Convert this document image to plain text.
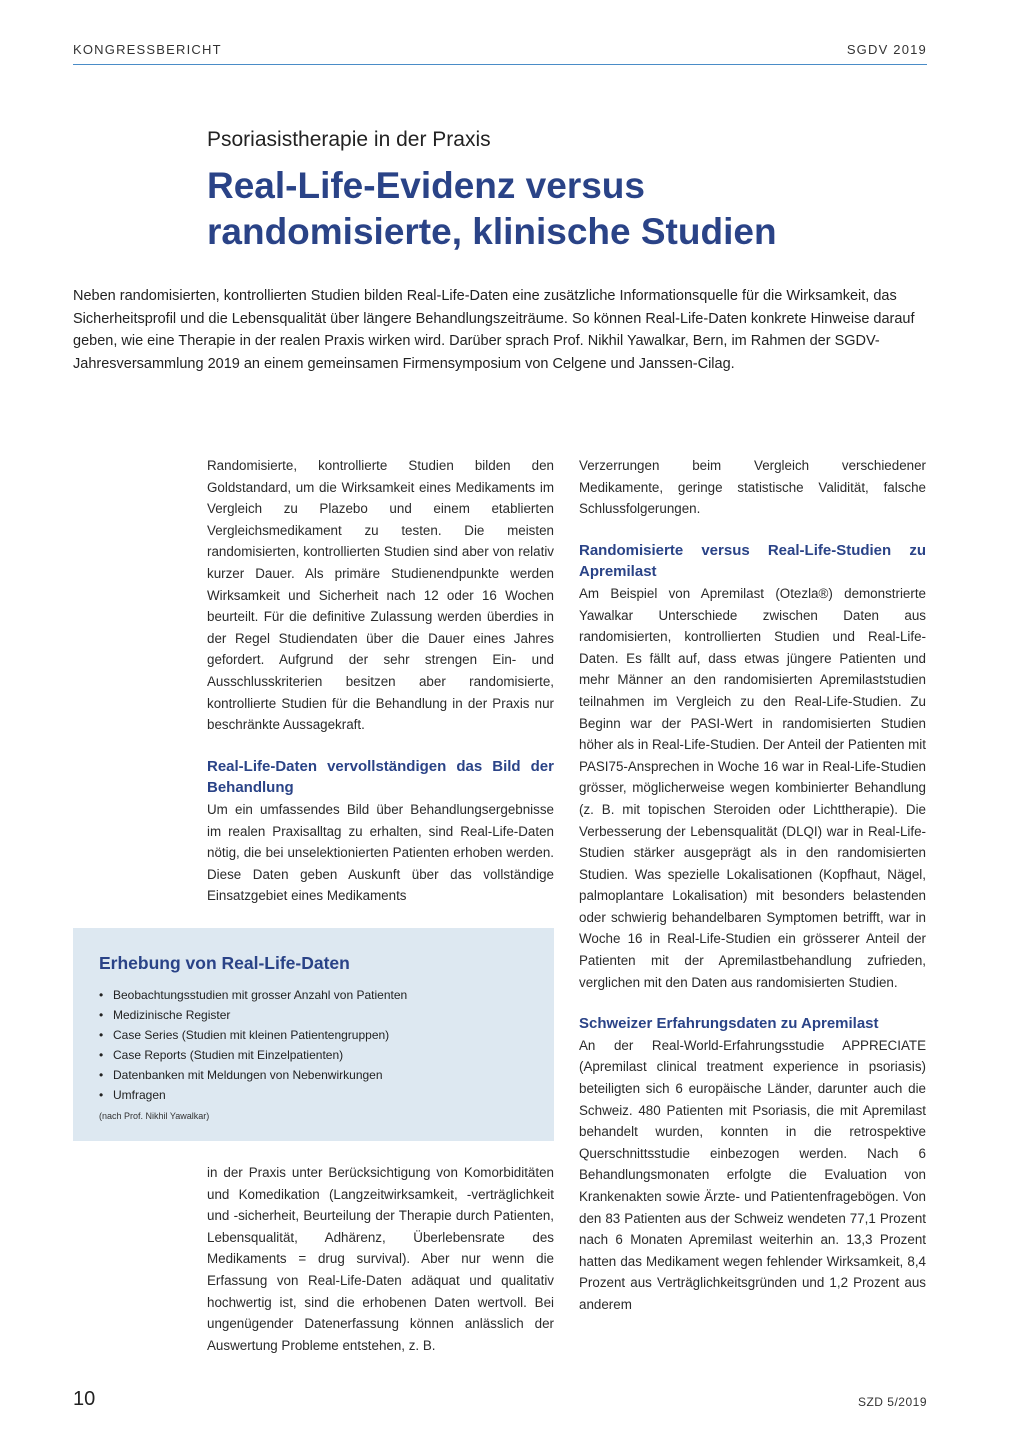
KONGRESSBERICHT	SGDV 2019
Psoriasistherapie in der Praxis
Real-Life-Evidenz versus randomisierte, klinische Studien
Neben randomisierten, kontrollierten Studien bilden Real-Life-Daten eine zusätzliche Informationsquelle für die Wirksamkeit, das Sicherheitsprofil und die Lebensqualität über längere Behandlungszeiträume. So können Real-Life-Daten konkrete Hinweise darauf geben, wie eine Therapie in der realen Praxis wirken wird. Darüber sprach Prof. Nikhil Yawalkar, Bern, im Rahmen der SGDV-Jahresversammlung 2019 an einem gemeinsamen Firmensymposium von Celgene und Janssen-Cilag.

Randomisierte, kontrollierte Studien bilden den Goldstandard, um die Wirksamkeit eines Medikaments im Vergleich zu Plazebo und einem etablierten Vergleichsmedikament zu testen. Die meisten randomisierten, kontrollierten Studien sind aber von relativ kurzer Dauer. Als primäre Studienendpunkte werden Wirksamkeit und Sicherheit nach 12 oder 16 Wochen beurteilt. Für die definitive Zulassung werden überdies in der Regel Studiendaten über die Dauer eines Jahres gefordert. Aufgrund der sehr strengen Ein- und Ausschlusskriterien besitzen aber randomisierte, kontrollierte Studien für die Behandlung in der Praxis nur beschränkte Aussagekraft.

Real-Life-Daten vervollständigen das Bild der Behandlung

Um ein umfassendes Bild über Behandlungsergebnisse im realen Praxisalltag zu erhalten, sind Real-Life-Daten nötig, die bei unselektionierten Patienten erhoben werden. Diese Daten geben Auskunft über das vollständige Einsatzgebiet eines Medikaments

Erhebung von Real-Life-Daten
• Beobachtungsstudien mit grosser Anzahl von Patienten
• Medizinische Register
• Case Series (Studien mit kleinen Patientengruppen)
• Case Reports (Studien mit Einzelpatienten)
• Datenbanken mit Meldungen von Nebenwirkungen
• Umfragen
(nach Prof. Nikhil Yawalkar)

in der Praxis unter Berücksichtigung von Komorbiditäten und Komedikation (Langzeitwirksamkeit, -verträglichkeit und -sicherheit, Beurteilung der Therapie durch Patienten, Lebensqualität, Adhärenz, Überlebensrate des Medikaments = drug survival). Aber nur wenn die Erfassung von Real-Life-Daten adäquat und qualitativ hochwertig ist, sind die erhobenen Daten wertvoll. Bei ungenügender Datenerfassung können anlässlich der Auswertung Probleme entstehen, z. B.

Verzerrungen beim Vergleich verschiedener Medikamente, geringe statistische Validität, falsche Schlussfolgerungen.

Randomisierte versus Real-Life-Studien zu Apremilast

Am Beispiel von Apremilast (Otezla®) demonstrierte Yawalkar Unterschiede zwischen Daten aus randomisierten, kontrollierten Studien und Real-Life-Daten. Es fällt auf, dass etwas jüngere Patienten und mehr Männer an den randomisierten Apremilaststudien teilnahmen im Vergleich zu den Real-Life-Studien. Zu Beginn war der PASI-Wert in randomisierten Studien höher als in Real-Life-Studien. Der Anteil der Patienten mit PASI75-Ansprechen in Woche 16 war in Real-Life-Studien grösser, möglicherweise wegen kombinierter Behandlung (z. B. mit topischen Steroiden oder Lichttherapie). Die Verbesserung der Lebensqualität (DLQI) war in Real-Life-Studien stärker ausgeprägt als in den randomisierten Studien. Was spezielle Lokalisationen (Kopfhaut, Nägel, palmoplantare Lokalisation) mit besonders belastenden oder schwierig behandelbaren Symptomen betrifft, war in Woche 16 in Real-Life-Studien ein grösserer Anteil der Patienten mit der Apremilastbehandlung zufrieden, verglichen mit den Daten aus randomisierten Studien.

Schweizer Erfahrungsdaten zu Apremilast

An der Real-World-Erfahrungsstudie APPRECIATE (Apremilast clinical treatment experience in psoriasis) beteiligten sich 6 europäische Länder, darunter auch die Schweiz. 480 Patienten mit Psoriasis, die mit Apremilast behandelt wurden, konnten in die retrospektive Querschnittsstudie einbezogen werden. Nach 6 Behandlungsmonaten erfolgte die Evaluation von Krankenakten sowie Ärzte- und Patientenfragebögen. Von den 83 Patienten aus der Schweiz wendeten 77,1 Prozent nach 6 Monaten Apremilast weiterhin an. 13,3 Prozent hatten das Medikament wegen fehlender Wirksamkeit, 8,4 Prozent aus Verträglichkeitsgründen und 1,2 Prozent aus anderem

10	SZD 5/2019
